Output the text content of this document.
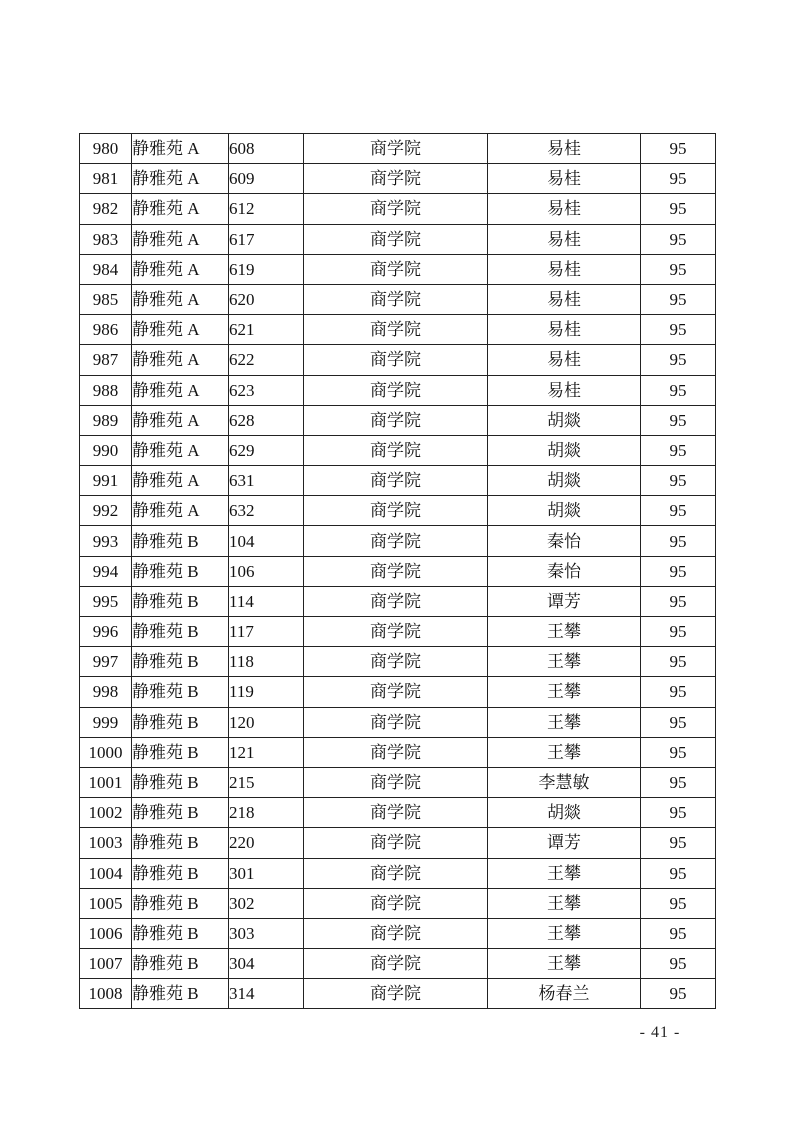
980	静雅苑 A	608	商学院	易桂	95
981	静雅苑 A	609	商学院	易桂	95
982	静雅苑 A	612	商学院	易桂	95
983	静雅苑 A	617	商学院	易桂	95
984	静雅苑 A	619	商学院	易桂	95
985	静雅苑 A	620	商学院	易桂	95
986	静雅苑 A	621	商学院	易桂	95
987	静雅苑 A	622	商学院	易桂	95
988	静雅苑 A	623	商学院	易桂	95
989	静雅苑 A	628	商学院	胡燚	95
990	静雅苑 A	629	商学院	胡燚	95
991	静雅苑 A	631	商学院	胡燚	95
992	静雅苑 A	632	商学院	胡燚	95
993	静雅苑 B	104	商学院	秦怡	95
994	静雅苑 B	106	商学院	秦怡	95
995	静雅苑 B	114	商学院	谭芳	95
996	静雅苑 B	117	商学院	王攀	95
997	静雅苑 B	118	商学院	王攀	95
998	静雅苑 B	119	商学院	王攀	95
999	静雅苑 B	120	商学院	王攀	95
1000	静雅苑 B	121	商学院	王攀	95
1001	静雅苑 B	215	商学院	李慧敏	95
1002	静雅苑 B	218	商学院	胡燚	95
1003	静雅苑 B	220	商学院	谭芳	95
1004	静雅苑 B	301	商学院	王攀	95
1005	静雅苑 B	302	商学院	王攀	95
1006	静雅苑 B	303	商学院	王攀	95
1007	静雅苑 B	304	商学院	王攀	95
1008	静雅苑 B	314	商学院	杨春兰	95
- 41 -
